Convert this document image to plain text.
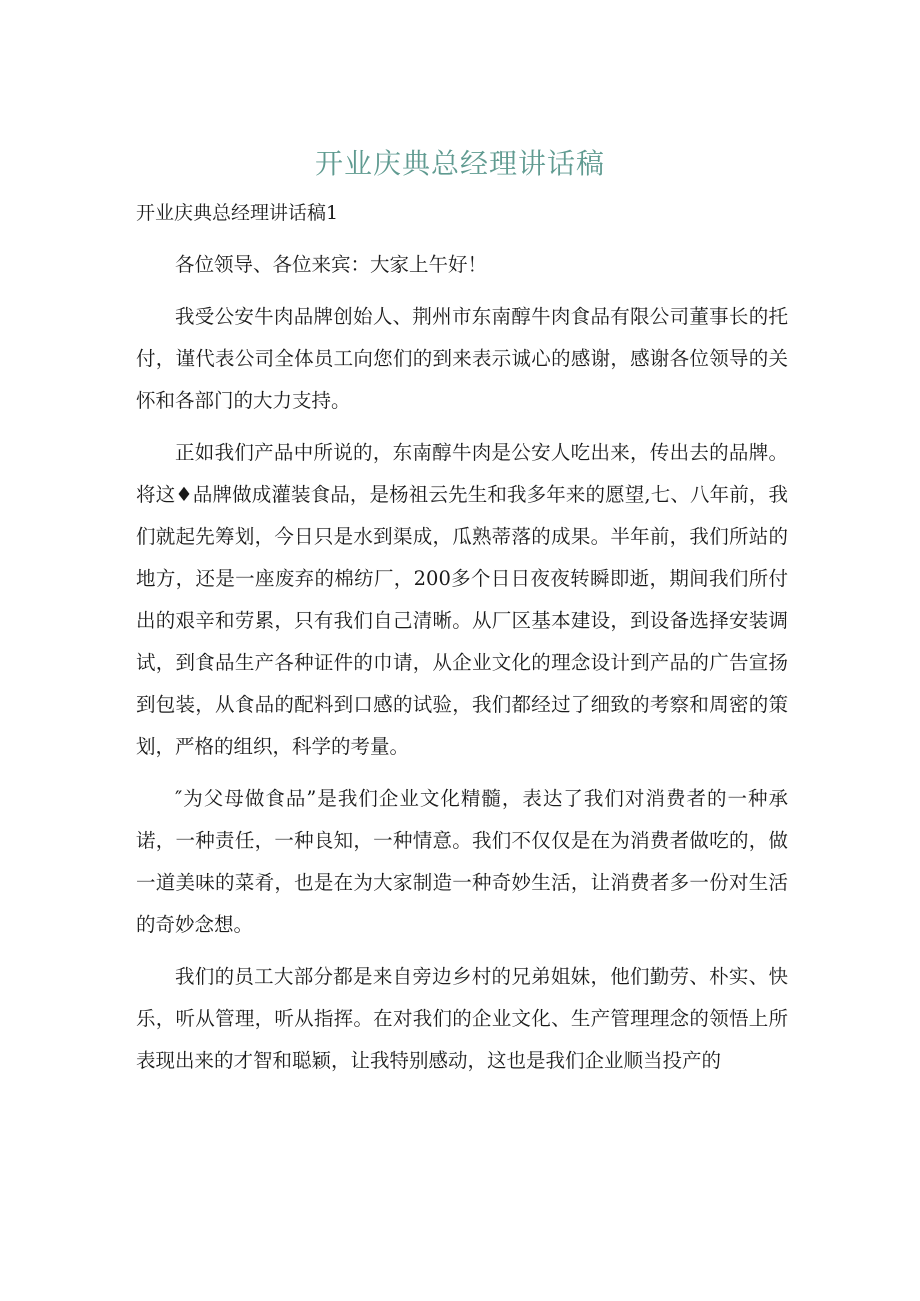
开业庆典总经理讲话稿

开业庆典总经理讲话稿1

各位领导、各位来宾：大家上午好！

我受公安牛肉品牌创始人、荆州市东南醇牛肉食品有限公司董事长的托付，谨代表公司全体员工向您们的到来表示诚心的感谢，感谢各位领导的关怀和各部门的大力支持。

正如我们产品中所说的，东南醇牛肉是公安人吃出来，传出去的品牌。将这♦品牌做成灌装食品，是杨祖云先生和我多年来的愿望,七、八年前，我们就起先筹划，今日只是水到渠成，瓜熟蒂落的成果。半年前，我们所站的地方，还是一座废弃的棉纺厂，200多个日日夜夜转瞬即逝，期间我们所付出的艰辛和劳累，只有我们自己清晰。从厂区基本建设，到设备选择安装调试，到食品生产各种证件的巾请，从企业文化的理念设计到产品的广告宣扬到包装，从食品的配料到口感的试验，我们都经过了细致的考察和周密的策划，严格的组织，科学的考量。

″为父母做食品”是我们企业文化精髓，表达了我们对消费者的一种承诺，一种责任，一种良知，一种情意。我们不仅仅是在为消费者做吃的，做一道美味的菜肴，也是在为大家制造一种奇妙生活，让消费者多一份对生活的奇妙念想。

我们的员工大部分都是来自旁边乡村的兄弟姐妹，他们勤劳、朴实、快乐，听从管理，听从指挥。在对我们的企业文化、生产管理理念的领悟上所表现出来的才智和聪颖，让我特别感动，这也是我们企业顺当投产的
